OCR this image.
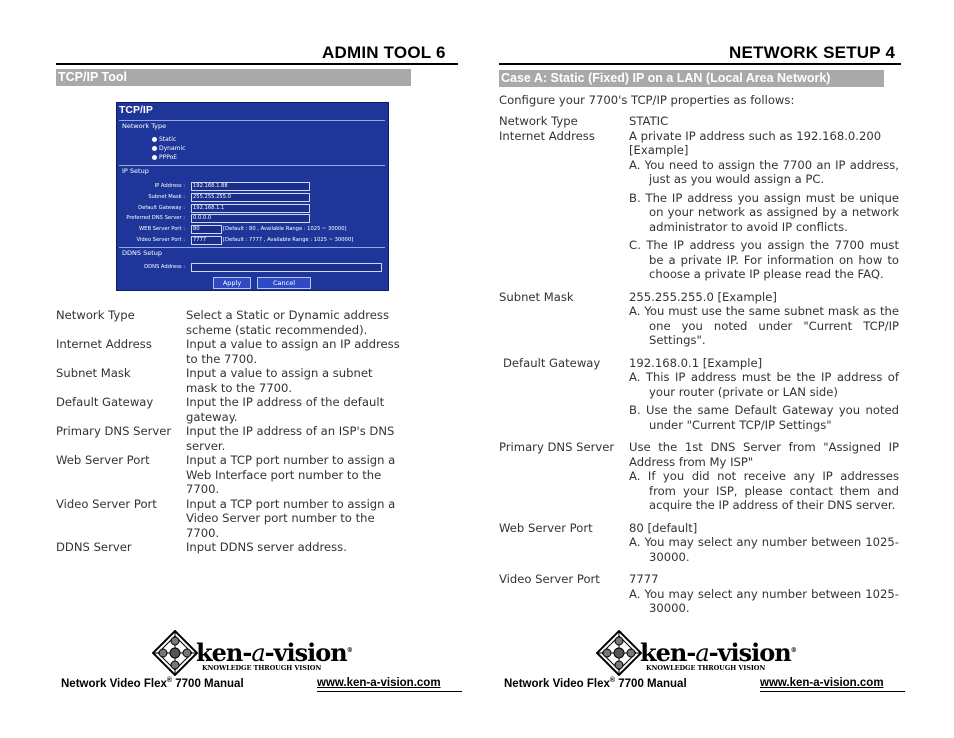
ADMIN TOOL 6
TCP/IP Tool
TCP/IP
Network Type
Static
Dynamic
PPPoE
IP Setup
IP Address :	192.168.1.88
Subnet Mask :	255.255.255.0
Default Gateway :	192.168.1.1
Preferred DNS Server :	0.0.0.0
WEB Server Port :	80	[Default : 80 , Available Range : 1025 ~ 30000]
Video Server Port :	7777	[Default : 7777 , Available Range : 1025 ~ 30000]
DDNS Setup
DDNS Address :
Apply	Cancel
Network Type	Select a Static or Dynamic address scheme (static recommended).
Internet Address	Input a value to assign an IP address to the 7700.
Subnet Mask	Input a value to assign a subnet mask to the 7700.
Default Gateway	Input the IP address of the default gateway.
Primary DNS Server	Input the IP address of an ISP's DNS server.
Web Server Port	Input a TCP port number to assign a Web Interface port number to the 7700.
Video Server Port	Input a TCP port number to assign a Video Server port number to the 7700.
DDNS Server	Input DDNS server address.
ken-a-vision®
KNOWLEDGE THROUGH VISION
Network Video Flex® 7700 Manual	www.ken-a-vision.com
NETWORK SETUP 4
Case A: Static (Fixed) IP on a LAN (Local Area Network)
Configure your 7700's TCP/IP properties as follows:
Network Type	STATIC
Internet Address	A private IP address such as 192.168.0.200 [Example]
A. You need to assign the 7700 an IP address, just as you would assign a PC.
B. The IP address you assign must be unique on your network as assigned by a network administrator to avoid IP conflicts.
C. The IP address you assign the 7700 must be a private IP. For information on how to choose a private IP please read the FAQ.
Subnet Mask	255.255.255.0 [Example]
A. You must use the same subnet mask as the one you noted under "Current TCP/IP Settings".
Default Gateway	192.168.0.1 [Example]
A. This IP address must be the IP address of your router (private or LAN side)
B. Use the same Default Gateway you noted under "Current TCP/IP Settings"
Primary DNS Server	Use the 1st DNS Server from "Assigned IP Address from My ISP"
A. If you did not receive any IP addresses from your ISP, please contact them and acquire the IP address of their DNS server.
Web Server Port	80 [default]
A. You may select any number between 1025-30000.
Video Server Port	7777
A. You may select any number between 1025-30000.
ken-a-vision®
KNOWLEDGE THROUGH VISION
Network Video Flex® 7700 Manual	www.ken-a-vision.com
